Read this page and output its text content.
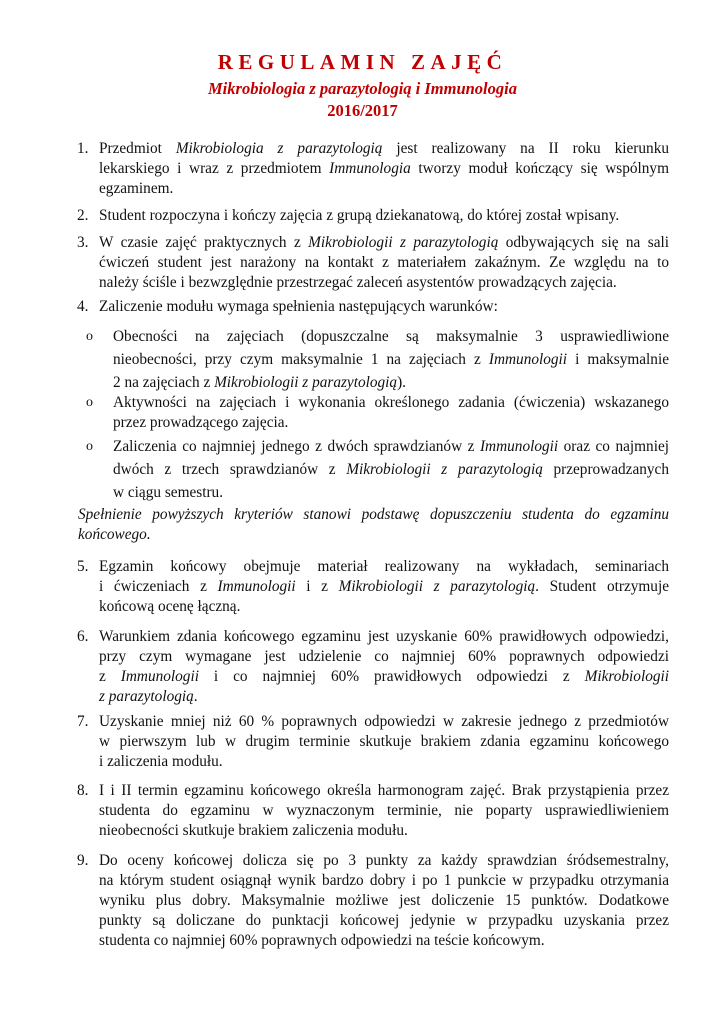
REGULAMIN ZAJĘĆ
Mikrobiologia z parazytologią i Immunologia
2016/2017
1. Przedmiot Mikrobiologia z parazytologią jest realizowany na II roku kierunku
lekarskiego i wraz z przedmiotem Immunologia tworzy moduł kończący się wspólnym
egzaminem.
2. Student rozpoczyna i kończy zajęcia z grupą dziekanatową, do której został wpisany.
3. W czasie zajęć praktycznych z Mikrobiologii z parazytologią odbywających się na sali
ćwiczeń student jest narażony na kontakt z materiałem zakaźnym. Ze względu na to
należy ściśle i bezwzględnie przestrzegać zaleceń asystentów prowadzących zajęcia.
4. Zaliczenie modułu wymaga spełnienia następujących warunków:
o Obecności na zajęciach (dopuszczalne są maksymalnie 3 usprawiedliwione
nieobecności, przy czym maksymalnie 1 na zajęciach z Immunologii i maksymalnie
2 na zajęciach z Mikrobiologii z parazytologią).
o Aktywności na zajęciach i wykonania określonego zadania (ćwiczenia) wskazanego
przez prowadzącego zajęcia.
o Zaliczenia co najmniej jednego z dwóch sprawdzianów z Immunologii oraz co najmniej
dwóch z trzech sprawdzianów z Mikrobiologii z parazytologią przeprowadzanych
w ciągu semestru.
Spełnienie powyższych kryteriów stanowi podstawę dopuszczeniu studenta do egzaminu
końcowego.
5. Egzamin końcowy obejmuje materiał realizowany na wykładach, seminariach
i ćwiczeniach z Immunologii i z Mikrobiologii z parazytologią. Student otrzymuje
końcową ocenę łączną.
6. Warunkiem zdania końcowego egzaminu jest uzyskanie 60% prawidłowych odpowiedzi,
przy czym wymagane jest udzielenie co najmniej 60% poprawnych odpowiedzi
z Immunologii i co najmniej 60% prawidłowych odpowiedzi z Mikrobiologii
z parazytologią.
7. Uzyskanie mniej niż 60 % poprawnych odpowiedzi w zakresie jednego z przedmiotów
w pierwszym lub w drugim terminie skutkuje brakiem zdania egzaminu końcowego
i zaliczenia modułu.
8. I i II termin egzaminu końcowego określa harmonogram zajęć. Brak przystąpienia przez
studenta do egzaminu w wyznaczonym terminie, nie poparty usprawiedliwieniem
nieobecności skutkuje brakiem zaliczenia modułu.
9. Do oceny końcowej dolicza się po 3 punkty za każdy sprawdzian śródsemestralny,
na którym student osiągnął wynik bardzo dobry i po 1 punkcie w przypadku otrzymania
wyniku plus dobry. Maksymalnie możliwe jest doliczenie 15 punktów. Dodatkowe
punkty są doliczane do punktacji końcowej jedynie w przypadku uzyskania przez
studenta co najmniej 60% poprawnych odpowiedzi na teście końcowym.
